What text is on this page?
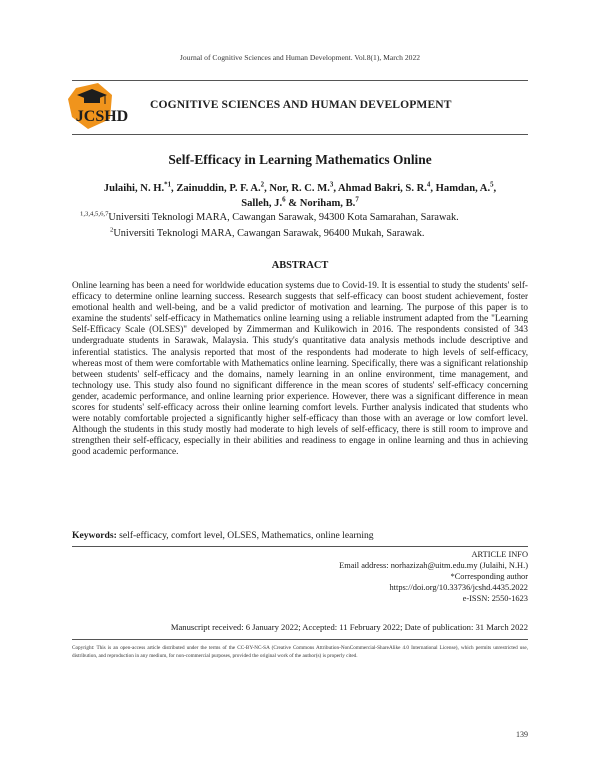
Journal of Cognitive Sciences and Human Development. Vol.8(1), March 2022
JCSHD
COGNITIVE SCIENCES AND HUMAN DEVELOPMENT
Self-Efficacy in Learning Mathematics Online
Julaihi, N. H.$^{*1}$, Zainuddin, P. F. A.$^2$, Nor, R. C. M.$^3$, Ahmad Bakri, S. R.$^4$, Hamdan, A.$^5$,
Salleh, J.$^6$ & Noriham, B.$^7$
$^{1,3,4,5,6,7}$Universiti Teknologi MARA, Cawangan Sarawak, 94300 Kota Samarahan, Sarawak.
$^2$Universiti Teknologi MARA, Cawangan Sarawak, 96400 Mukah, Sarawak.
ABSTRACT
Online learning has been a need for worldwide education systems due to Covid-19. It is essential to study the students' self-efficacy to determine online learning success. Research suggests that self-efficacy can boost student achievement, foster emotional health and well-being, and be a valid predictor of motivation and learning. The purpose of this paper is to examine the students' self-efficacy in Mathematics online learning using a reliable instrument adapted from the "Learning Self-Efficacy Scale (OLSES)" developed by Zimmerman and Kulikowich in 2016. The respondents consisted of 343 undergraduate students in Sarawak, Malaysia. This study's quantitative data analysis methods include descriptive and inferential statistics. The analysis reported that most of the respondents had moderate to high levels of self-efficacy, whereas most of them were comfortable with Mathematics online learning. Specifically, there was a significant relationship between students' self-efficacy and the domains, namely learning in an online environment, time management, and technology use. This study also found no significant difference in the mean scores of students' self-efficacy concerning gender, academic performance, and online learning prior experience. However, there was a significant difference in mean scores for students' self-efficacy across their online learning comfort levels. Further analysis indicated that students who were notably comfortable projected a significantly higher self-efficacy than those with an average or low comfort level. Although the students in this study mostly had moderate to high levels of self-efficacy, there is still room to improve and strengthen their self-efficacy, especially in their abilities and readiness to engage in online learning and thus in achieving good academic performance.
Keywords: self-efficacy, comfort level, OLSES, Mathematics, online learning
ARTICLE INFO
Email address: norhazizah@uitm.edu.my (Julaihi, N.H.)
*Corresponding author
https://doi.org/10.33736/jcshd.4435.2022
e-ISSN: 2550-1623
Manuscript received: 6 January 2022; Accepted: 11 February 2022; Date of publication: 31 March 2022
Copyright: This is an open-access article distributed under the terms of the CC-BY-NC-SA (Creative Commons Attribution-NonCommercial-ShareAlike 4.0 International License), which permits unrestricted use, distribution, and reproduction in any medium, for non-commercial purposes, provided the original work of the author(s) is properly cited.
139
